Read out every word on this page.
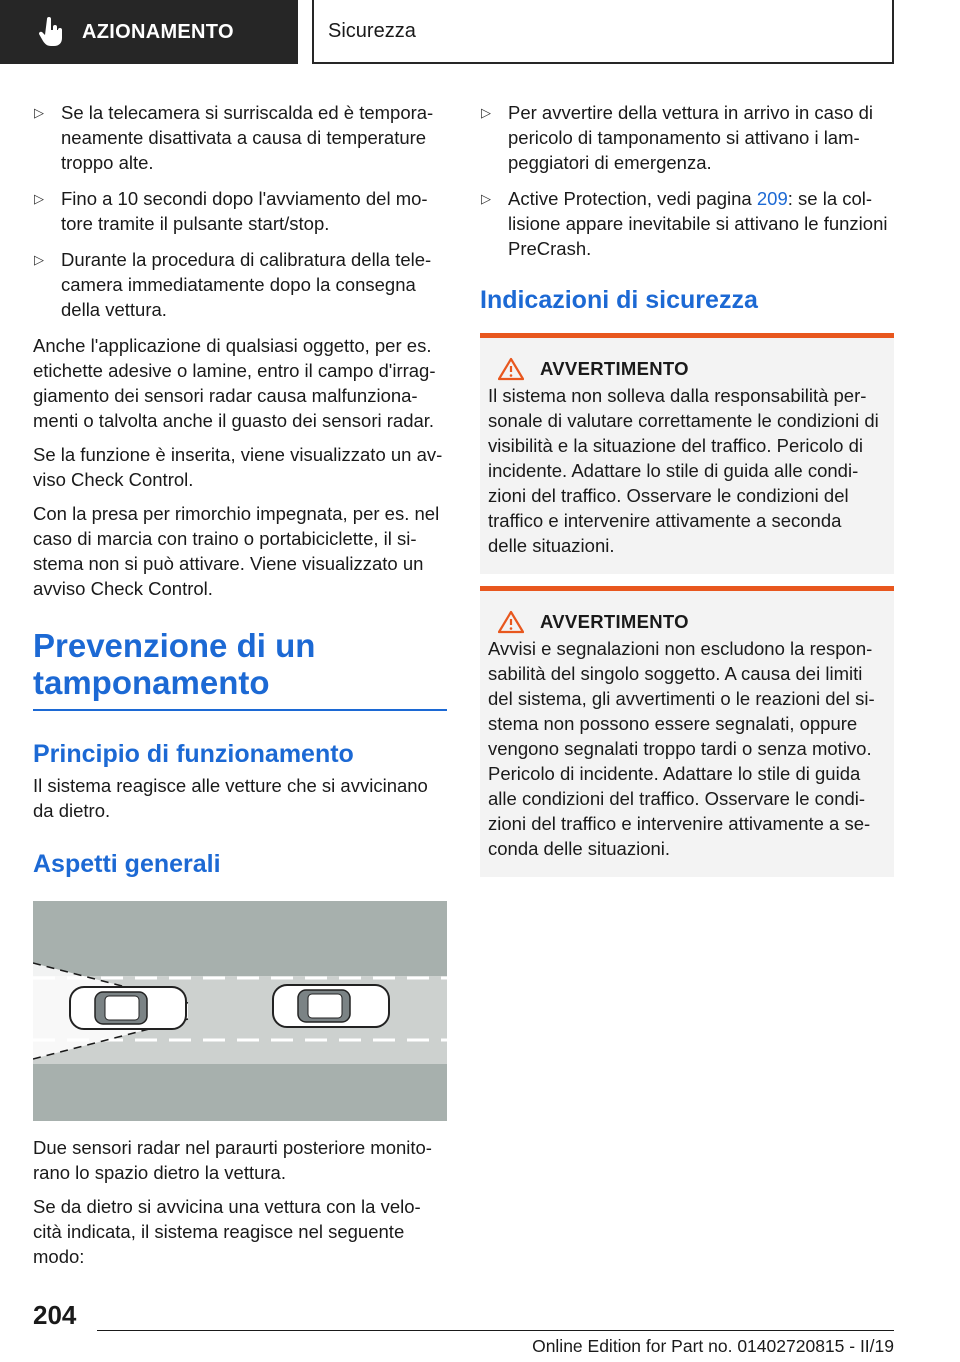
AZIONAMENTO	Sicurezza
▷ Se la telecamera si surriscalda ed è tempora‐ neamente disattivata a causa di temperature troppo alte.
▷ Fino a 10 secondi dopo l'avviamento del mo‐ tore tramite il pulsante start/stop.
▷ Durante la procedura di calibratura della tele‐ camera immediatamente dopo la consegna della vettura.

Anche l'applicazione di qualsiasi oggetto, per es. etichette adesive o lamine, entro il campo d'irrag‐ giamento dei sensori radar causa malfunziona‐ menti o talvolta anche il guasto dei sensori radar.

Se la funzione è inserita, viene visualizzato un av‐ viso Check Control.

Con la presa per rimorchio impegnata, per es. nel caso di marcia con traino o portabiciclette, il si‐ stema non si può attivare. Viene visualizzato un avviso Check Control.

Prevenzione di un tamponamento
Principio di funzionamento

Il sistema reagisce alle vetture che si avvicinano da dietro.

Aspetti generali

Due sensori radar nel paraurti posteriore monito‐ rano lo spazio dietro la vettura.

Se da dietro si avvicina una vettura con la velo‐ cità indicata, il sistema reagisce nel seguente modo:

▷ Per avvertire della vettura in arrivo in caso di pericolo di tamponamento si attivano i lam‐ peggiatori di emergenza.
▷ Active Protection, vedi pagina 209: se la col‐ lisione appare inevitabile si attivano le funzioni PreCrash.
Indicazioni di sicurezza
AVVERTIMENTO
Il sistema non solleva dalla responsabilità per‐ sonale di valutare correttamente le condizioni di visibilità e la situazione del traffico. Pericolo di incidente. Adattare lo stile di guida alle condi‐ zioni del traffico. Osservare le condizioni del traffico e intervenire attivamente a seconda delle situazioni.
AVVERTIMENTO
Avvisi e segnalazioni non escludono la respon‐ sabilità del singolo soggetto. A causa dei limiti del sistema, gli avvertimenti o le reazioni del si‐ stema non possono essere segnalati, oppure vengono segnalati troppo tardi o senza motivo. Pericolo di incidente. Adattare lo stile di guida alle condizioni del traffico. Osservare le condi‐ zioni del traffico e intervenire attivamente a se‐ conda delle situazioni.
204
Online Edition for Part no. 01402720815 - II/19
